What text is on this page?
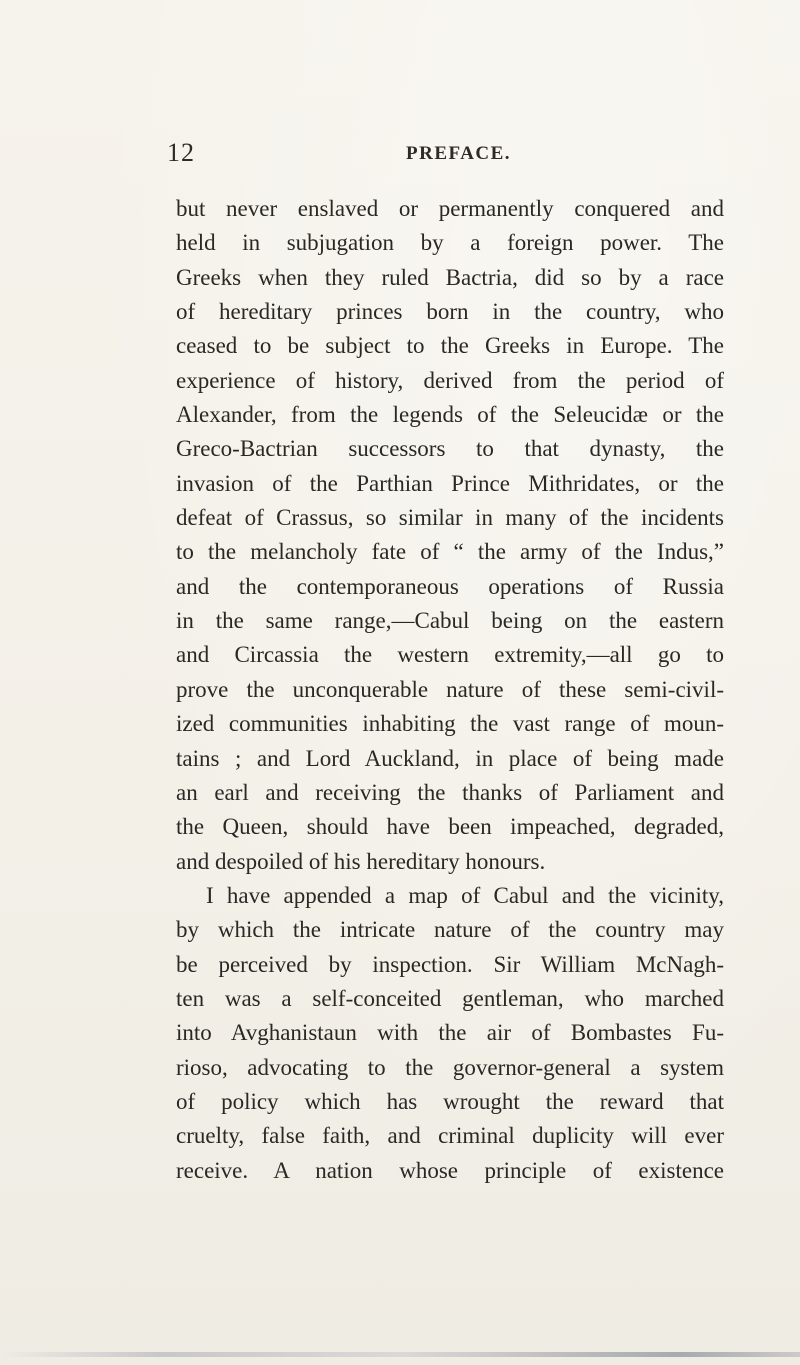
12	PREFACE.
but never enslaved or permanently conquered and
held in subjugation by a foreign power. The
Greeks when they ruled Bactria, did so by a race
of hereditary princes born in the country, who
ceased to be subject to the Greeks in Europe. The
experience of history, derived from the period of
Alexander, from the legends of the Seleucidæ or the
Greco-Bactrian successors to that dynasty, the
invasion of the Parthian Prince Mithridates, or the
defeat of Crassus, so similar in many of the incidents
to the melancholy fate of “ the army of the Indus,”
and the contemporaneous operations of Russia
in the same range,—Cabul being on the eastern
and Circassia the western extremity,—all go to
prove the unconquerable nature of these semi-civil-
ized communities inhabiting the vast range of moun-
tains ; and Lord Auckland, in place of being made
an earl and receiving the thanks of Parliament and
the Queen, should have been impeached, degraded,
and despoiled of his hereditary honours.
I have appended a map of Cabul and the vicinity,
by which the intricate nature of the country may
be perceived by inspection. Sir William McNagh-
ten was a self-conceited gentleman, who marched
into Avghanistaun with the air of Bombastes Fu-
rioso, advocating to the governor-general a system
of policy which has wrought the reward that
cruelty, false faith, and criminal duplicity will ever
receive. A nation whose principle of existence
